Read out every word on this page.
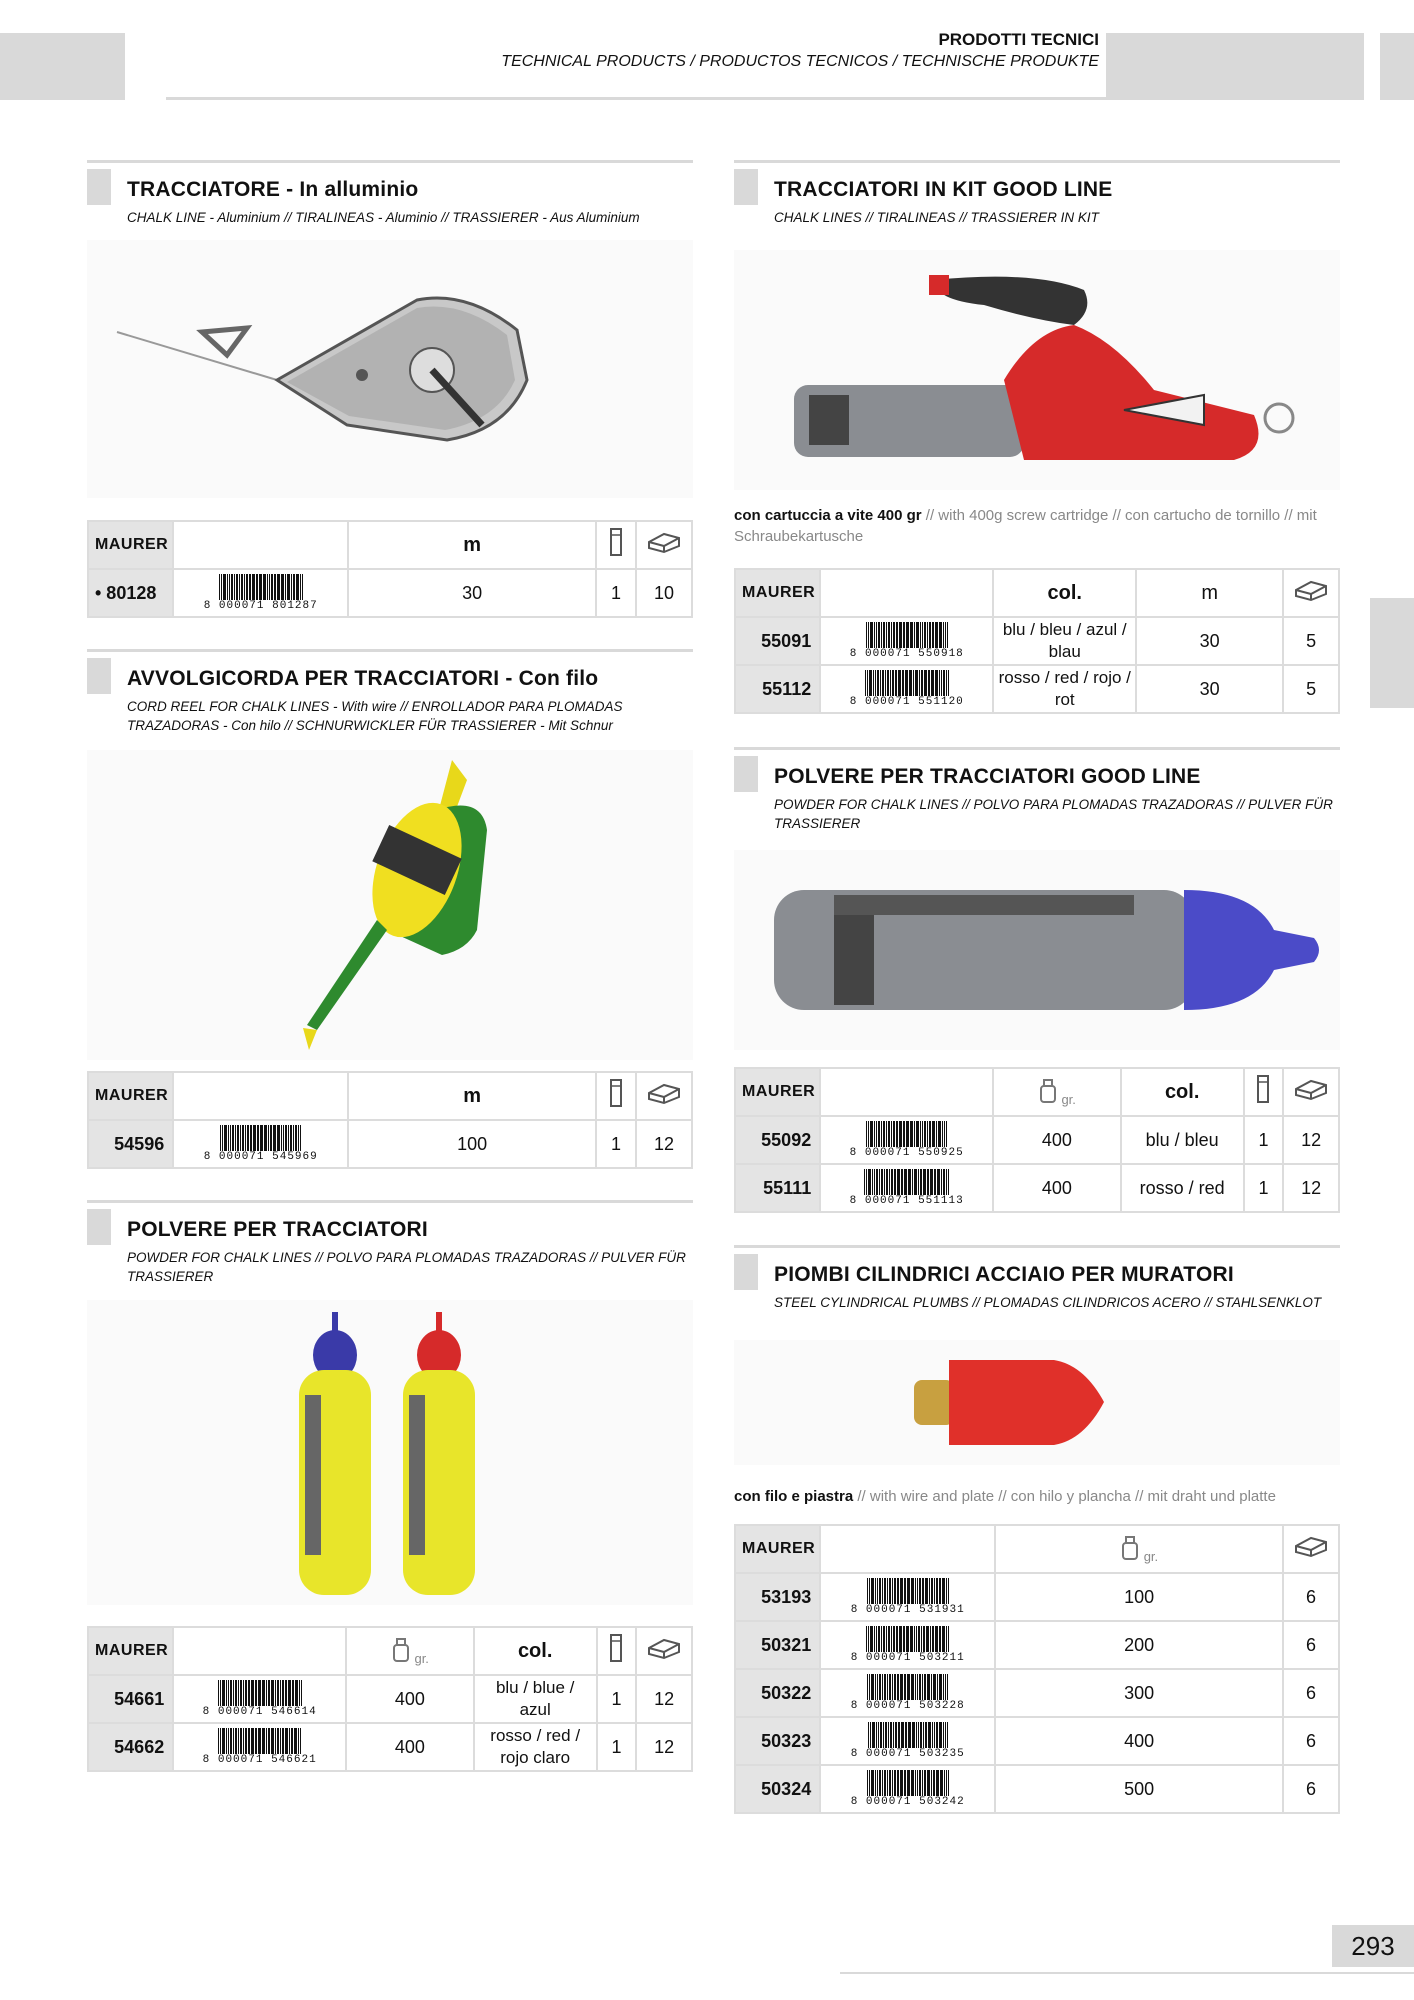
PRODOTTI TECNICI
TECHNICAL PRODUCTS / PRODUCTOS TECNICOS / TECHNISCHE PRODUKTE
TRACCIATORE - In alluminio
CHALK LINE - Aluminium // TIRALINEAS - Aluminio // TRASSIERER - Aus Aluminium
MAURER		m		
• 80128	8 000071 801287	30	1	10
AVVOLGICORDA PER TRACCIATORI - Con filo
CORD REEL FOR CHALK LINES - With wire // ENROLLADOR PARA PLOMADAS TRAZADORAS - Con hilo // SCHNURWICKLER FÜR TRASSIERER - Mit Schnur
MAURER		m		
54596	8 000071 545969	100	1	12
POLVERE PER TRACCIATORI
POWDER FOR CHALK LINES // POLVO PARA PLOMADAS TRAZADORAS // PULVER FÜR TRASSIERER
MAURER		gr.	col.		
54661	8 000071 546614	400	blu / blue / azul	1	12
54662	8 000071 546621	400	rosso / red / rojo claro	1	12
TRACCIATORI IN KIT GOOD LINE
CHALK LINES // TIRALINEAS // TRASSIERER IN KIT
con cartuccia a vite 400 gr // with 400g screw cartridge // con cartucho de tornillo // mit Schraubekartusche
MAURER		col.	m	
55091	8 000071 550918	blu / bleu / azul / blau	30	5
55112	8 000071 551120	rosso / red / rojo / rot	30	5
POLVERE PER TRACCIATORI GOOD LINE
POWDER FOR CHALK LINES // POLVO PARA PLOMADAS TRAZADORAS // PULVER FÜR TRASSIERER
MAURER		gr.	col.		
55092	8 000071 550925	400	blu / bleu	1	12
55111	8 000071 551113	400	rosso / red	1	12
PIOMBI CILINDRICI ACCIAIO PER MURATORI
STEEL CYLINDRICAL PLUMBS // PLOMADAS CILINDRICOS ACERO // STAHLSENKLOT
con filo e piastra // with wire and plate // con hilo y plancha // mit draht und platte
MAURER		gr.	
53193	8 000071 531931	100	6
50321	8 000071 503211	200	6
50322	8 000071 503228	300	6
50323	8 000071 503235	400	6
50324	8 000071 503242	500	6
293
